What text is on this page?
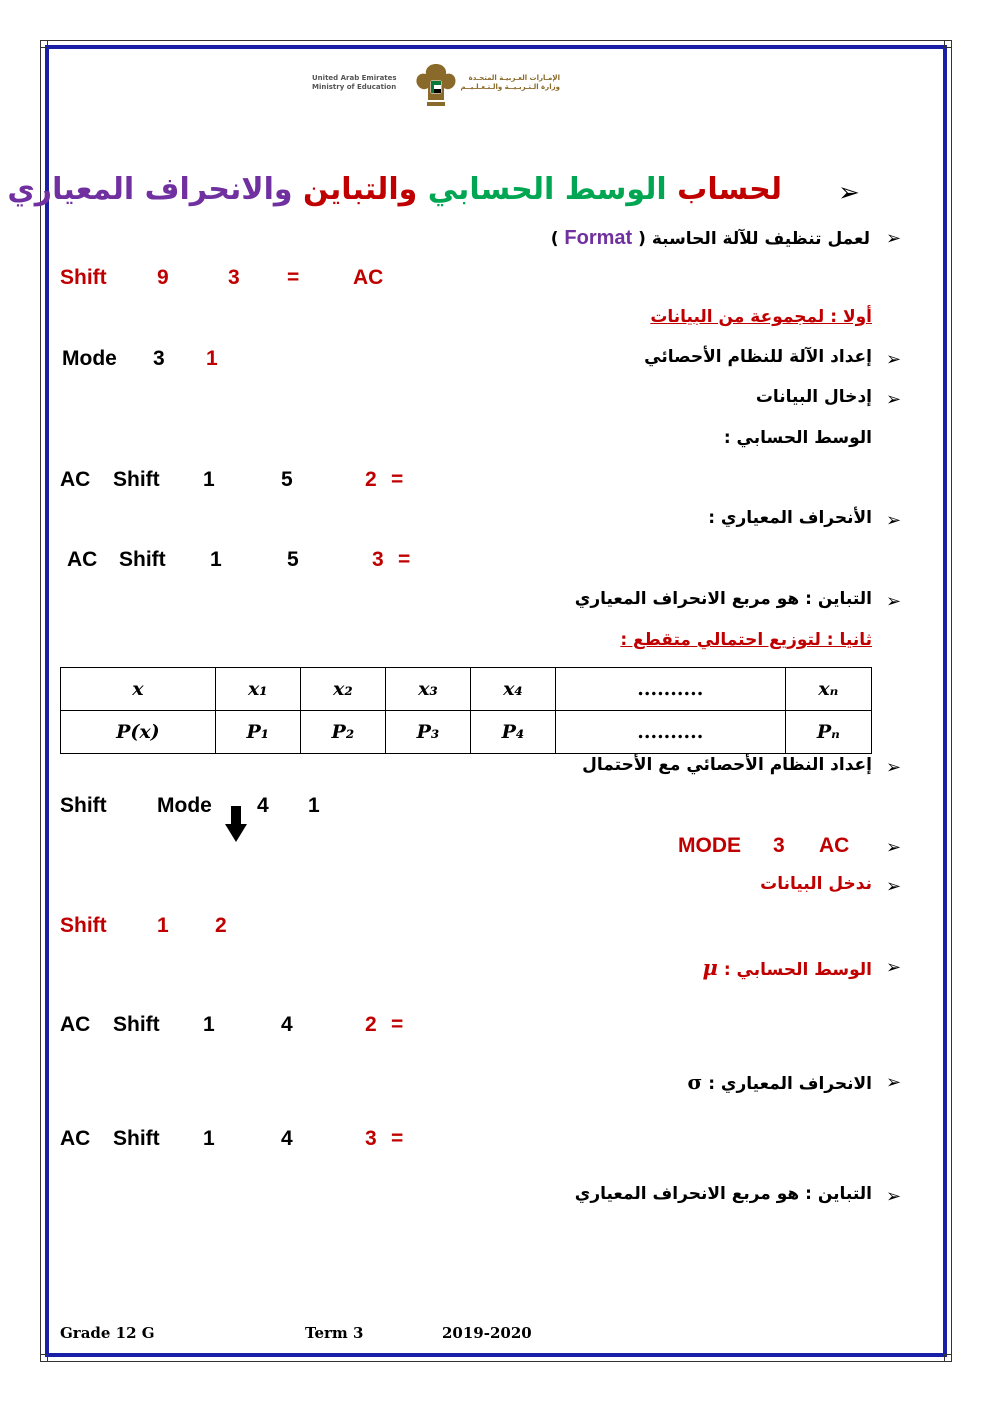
United Arab Emirates
Ministry of Education
الإمـارات العـربيـة المتحـدة
وزارة الـتـربـيــة والـتـعـلـيــم
➢
لحساب الوسط الحسابي والتباين والانحراف المعياري
➢
لعمل تنظيف للآلة الحاسبة ( Format )
Shift 9	3 =	AC
أولا : لمجموعة من البيانات
➢
إعداد الآلة للنظام الأحصائي
Mode 3 1
➢
إدخال البيانات
الوسط الحسابي :
AC Shift 1	5	2 =
➢
الأنحراف المعياري :
AC Shift 1	5	3 =
➢
التباين : هو مربع الانحراف المعياري
ثانيا : لتوزيع احتمالي متقطع :
x	x₁	x₂	x₃	x₄	..........	xₙ
P(x)	P₁	P₂	P₃	P₄	..........	Pₙ
➢
إعداد النظام الأحصائي مع الأحتمال
Shift Mode 4 1
➢
MODE 3 AC
➢
ندخل البيانات
Shift 1 2
➢
الوسط الحسابي : μ
AC Shift 1	4	2 =
➢
الانحراف المعياري : σ
AC Shift 1	4	3 =
➢
التباين : هو مربع الانحراف المعياري
Grade 12 G	Term 3	2019-2020
